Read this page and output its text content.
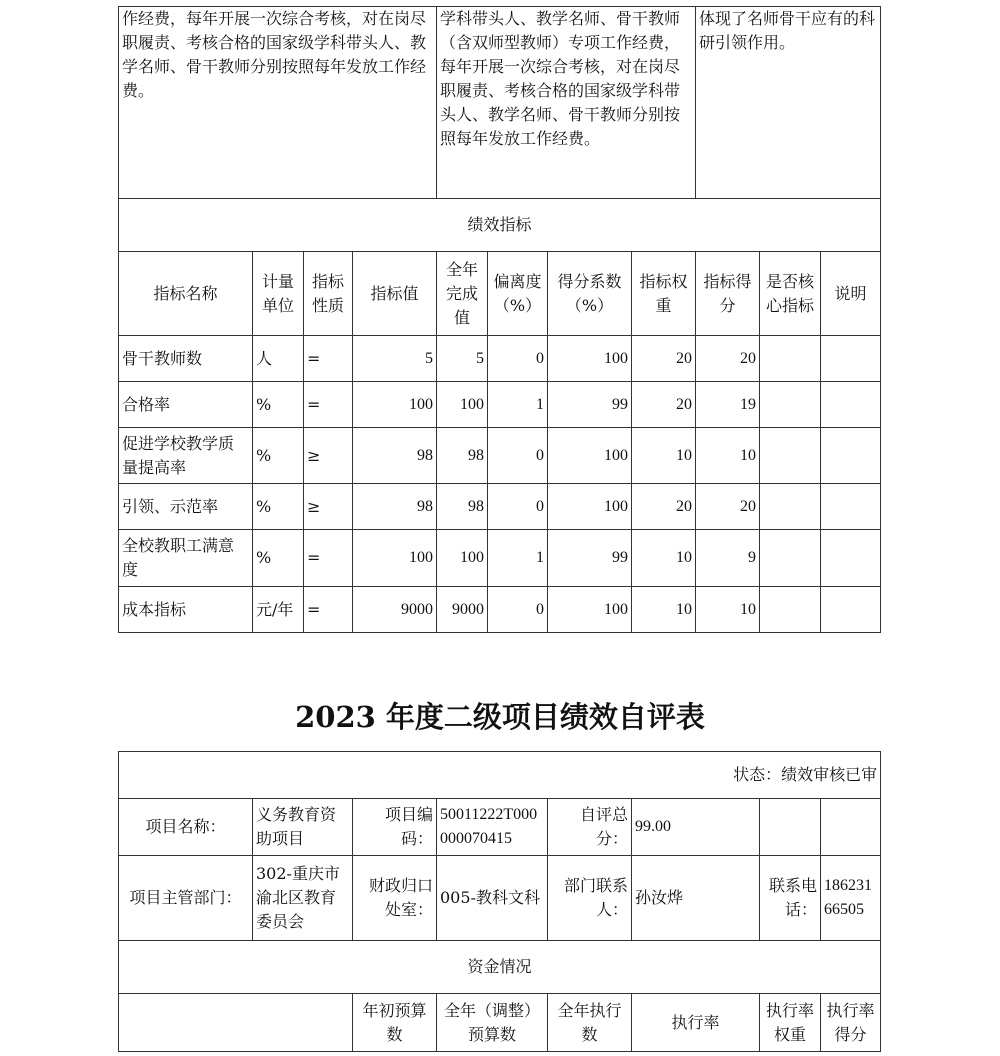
作经费，每年开展一次综合考核，对在岗尽职履责、考核合格的国家级学科带头人、教学名师、骨干教师分别按照每年发放工作经费。				学科带头人、教学名师、骨干教师（含双师型教师）专项工作经费，每年开展一次综合考核，对在岗尽职履责、考核合格的国家级学科带头人、教学名师、骨干教师分别按照每年发放工作经费。				体现了名师骨干应有的科研引领作用。		
绩效指标										
指标名称	计量单位	指标性质	指标值	全年完成值	偏离度（%）	得分系数（%）	指标权重	指标得分	是否核心指标	说明
骨干教师数	人	=	5	5	0	100	20	20		
合格率	%	=	100	100	1	99	20	19		
促进学校教学质量提高率	%	≥	98	98	0	100	10	10		
引领、示范率	%	≥	98	98	0	100	20	20		
全校教职工满意度	%	=	100	100	1	99	10	9		
成本指标	元/年	=	9000	9000	0	100	10	10		
2023 年度二级项目绩效自评表
状态：绩效审核已审							
项目名称：	义务教育资助项目	项目编码：	50011222T000000070415	自评总分：	99.00		
项目主管部门：	302-重庆市渝北区教育委员会	财政归口处室：	005-教科文科	部门联系人：	孙汝烨	联系电话：	18623166505
资金情况							
		年初预算数	全年（调整）预算数	全年执行数	执行率	执行率权重	执行率得分
